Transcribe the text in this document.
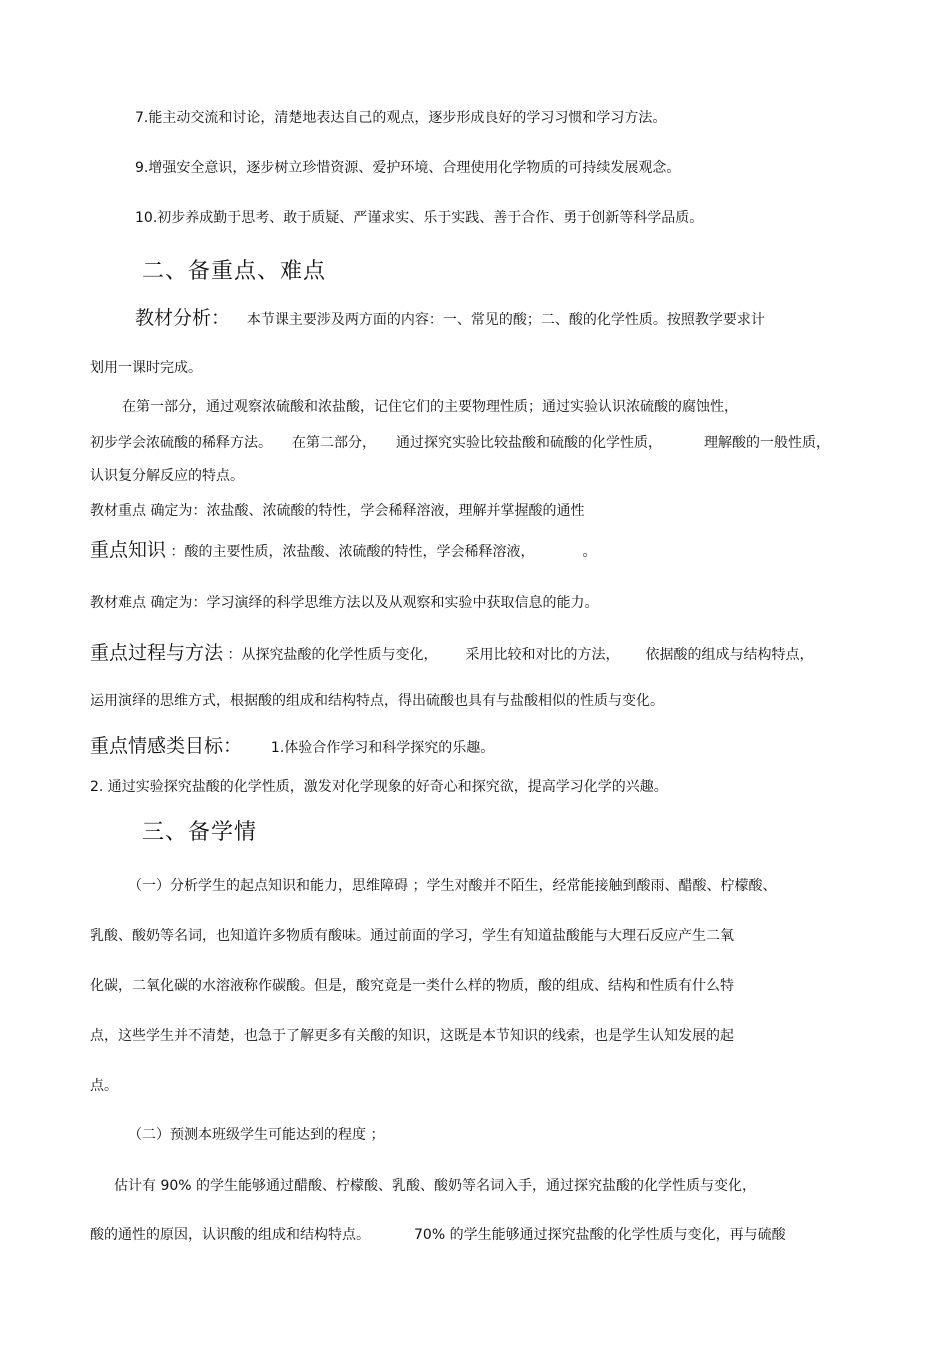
7.能主动交流和讨论，清楚地表达自己的观点，逐步形成良好的学习习惯和学习方法。
9.增强安全意识，逐步树立珍惜资源、爱护环境、合理使用化学物质的可持续发展观念。
10.初步养成勤于思考、敢于质疑、严谨求实、乐于实践、善于合作、勇于创新等科学品质。
二、备重点、难点
教材分析： 本节课主要涉及两方面的内容：一、常见的酸；二、酸的化学性质。按照教学要求计
划用一课时完成。
在第一部分，通过观察浓硫酸和浓盐酸，记住它们的主要物理性质；通过实验认识浓硫酸的腐蚀性，
初步学会浓硫酸的稀释方法。 在第二部分， 通过探究实验比较盐酸和硫酸的化学性质，	理解酸的一般性质，
认识复分解反应的特点。
教材重点 确定为：浓盐酸、浓硫酸的特性，学会稀释溶液，理解并掌握酸的通性
重点知识 ：酸的主要性质，浓盐酸、浓硫酸的特性，学会稀释溶液，	。
教材难点 确定为：学习演绎的科学思维方法以及从观察和实验中获取信息的能力。
重点过程与方法 ：从探究盐酸的化学性质与变化， 采用比较和对比的方法， 依据酸的组成与结构特点，
运用演绎的思维方式，根据酸的组成和结构特点，得出硫酸也具有与盐酸相似的性质与变化。
重点情感类目标： 1.体验合作学习和科学探究的乐趣。
2. 通过实验探究盐酸的化学性质，激发对化学现象的好奇心和探究欲，提高学习化学的兴趣。
三、备学情
（一）分析学生的起点知识和能力，思维障碍 ；学生对酸并不陌生，经常能接触到酸雨、醋酸、柠檬酸、
乳酸、酸奶等名词，也知道许多物质有酸味。通过前面的学习，学生有知道盐酸能与大理石反应产生二氧
化碳，二氧化碳的水溶液称作碳酸。但是，酸究竟是一类什么样的物质，酸的组成、结构和性质有什么特
点，这些学生并不清楚，也急于了解更多有关酸的知识，这既是本节知识的线索，也是学生认知发展的起
点。
（二）预测本班级学生可能达到的程度 ；
估计有 90% 的学生能够通过醋酸、柠檬酸、乳酸、酸奶等名词入手，通过探究盐酸的化学性质与变化，
酸的通性的原因，认识酸的组成和结构特点。	70% 的学生能够通过探究盐酸的化学性质与变化，再与硫酸
